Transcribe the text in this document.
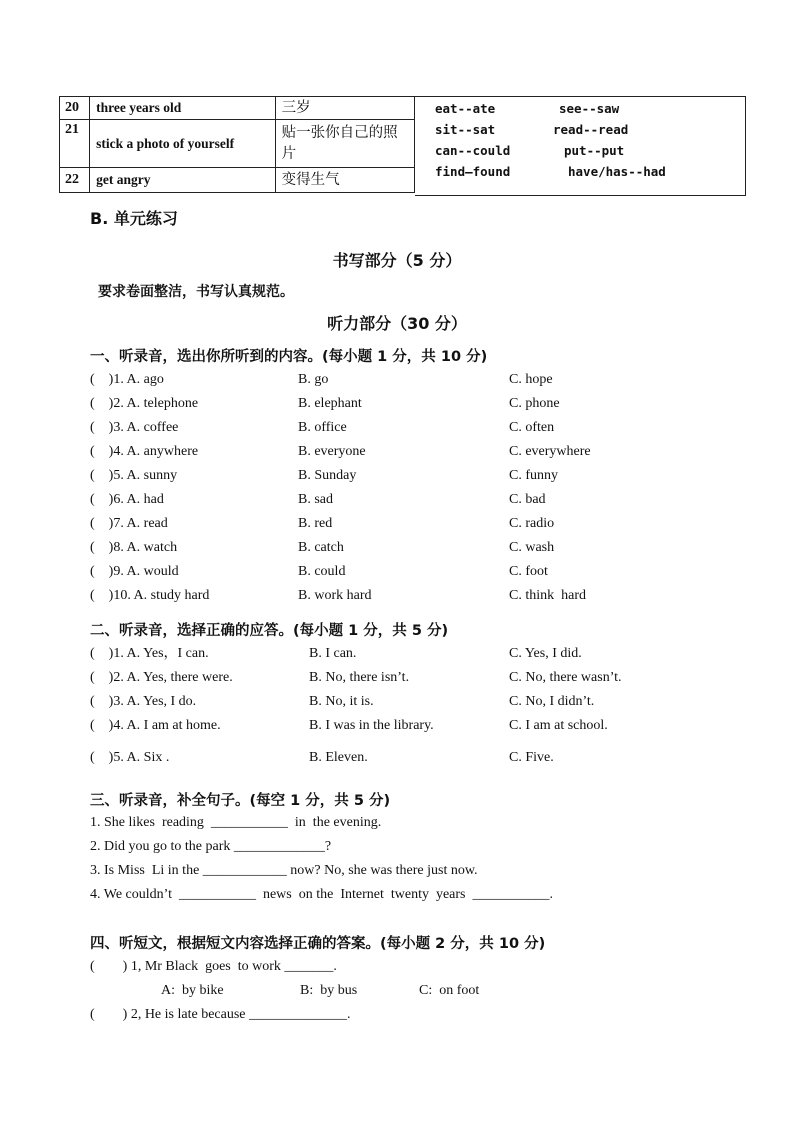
20	three years old	三岁
21	stick a photo of yourself	贴一张你自己的照片
22	get angry	变得生气
eat--ate	see--saw
sit--sat	read--read
can--could	put--put
find—found	have/has--had
B. 单元练习
书写部分（5 分）
要求卷面整洁，书写认真规范。
听力部分（30 分）
一、听录音，选出你所听到的内容。(每小题 1 分，共 10 分)
(    )1. A. ago	B. go	C. hope
(    )2. A. telephone	B. elephant	C. phone
(    )3. A. coffee	B. office	C. often
(    )4. A. anywhere	B. everyone	C. everywhere
(    )5. A. sunny	B. Sunday	C. funny
(    )6. A. had	B. sad	C. bad
(    )7. A. read	B. red	C. radio
(    )8. A. watch	B. catch	C. wash
(    )9. A. would	B. could	C. foot
(    )10. A. study hard	B. work hard	C. think  hard
二、听录音，选择正确的应答。(每小题 1 分，共 5 分)
(    )1. A. Yes，I can.	B. I can.	C. Yes, I did.
(    )2. A. Yes, there were.	B. No, there isn’t.	C. No, there wasn’t.
(    )3. A. Yes, I do.	B. No, it is.	C. No, I didn’t.
(    )4. A. I am at home.	B. I was in the library.	C. I am at school.
(    )5. A. Six .	B. Eleven.	C. Five.
三、听录音，补全句子。(每空 1 分，共 5 分)
1. She likes  reading  ___________  in  the evening.
2. Did you go to the park _____________?
3. Is Miss  Li in the ____________ now? No, she was there just now.
4. We couldn’t  ___________  news  on the  Internet  twenty  years  ___________.
四、听短文，根据短文内容选择正确的答案。(每小题 2 分，共 10 分)
(        ) 1, Mr Black  goes  to work _______.
A:  by bike	B:  by bus	C:  on foot
(        ) 2, He is late because ______________.
